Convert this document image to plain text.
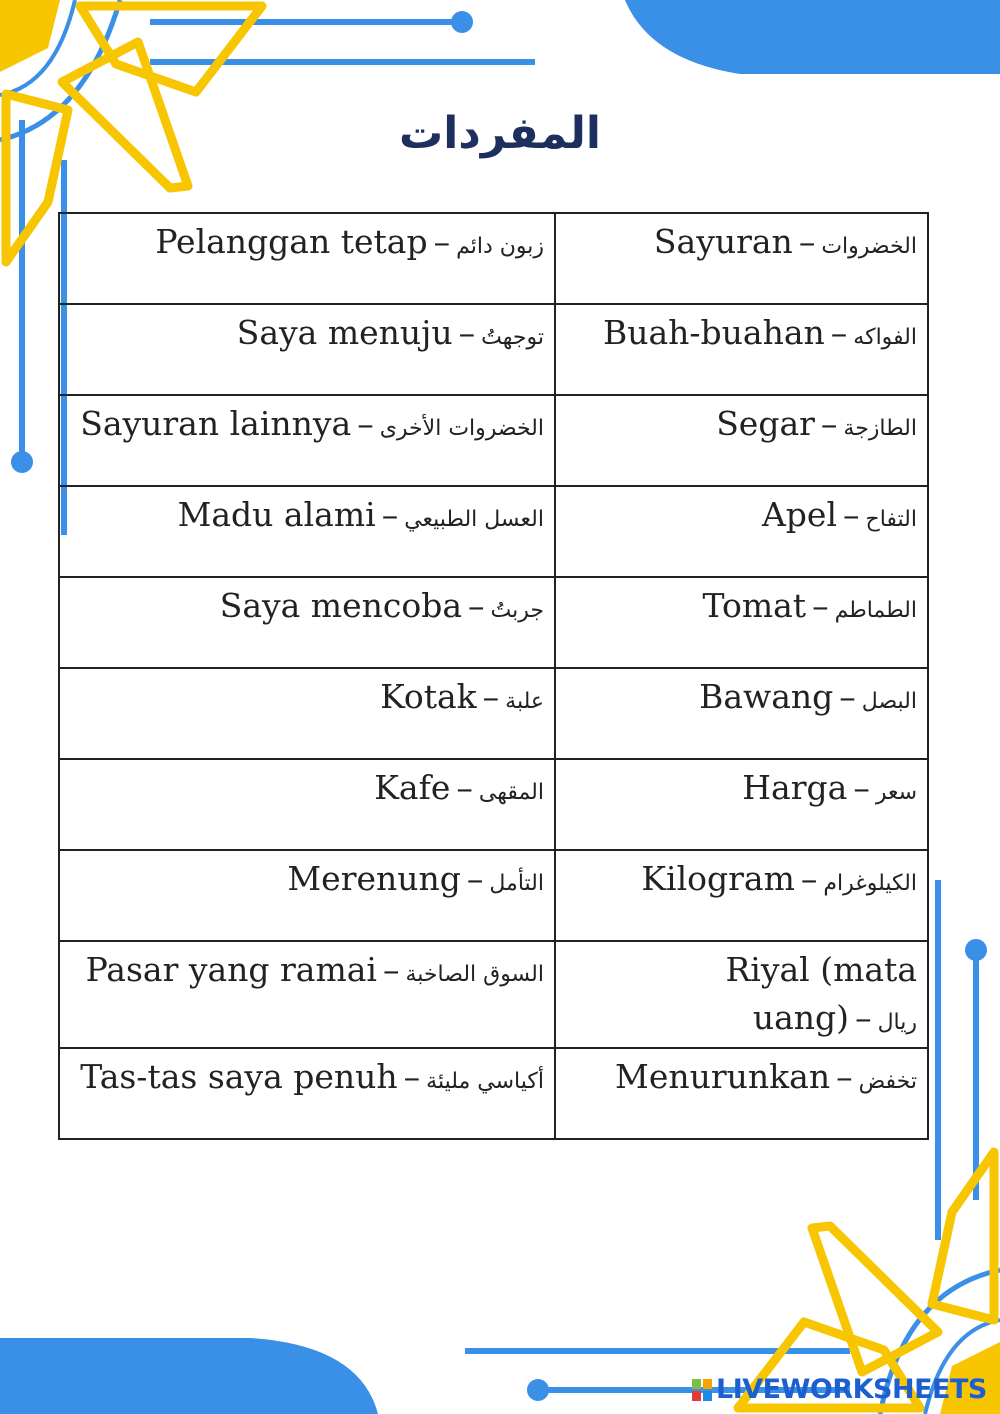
المفردات
Pelanggan tetap – زبون دائم	Sayuran – الخضروات
Saya menuju – توجهتُ	Buah-buahan – الفواكه
Sayuran lainnya – الخضروات الأخرى	Segar – الطازجة
Madu alami – العسل الطبيعي	Apel – التفاح
Saya mencoba – جربتُ	Tomat – الطماطم
Kotak – علبة	Bawang – البصل
Kafe – المقهى	Harga – سعر
Merenung – التأمل	Kilogram – الكيلوغرام
Pasar yang ramai – السوق الصاخبة	Riyal (mata uang) – ريال
Tas-tas saya penuh – أكياسي مليئة	Menurunkan – تخفض
LIVEWORKSHEETS
